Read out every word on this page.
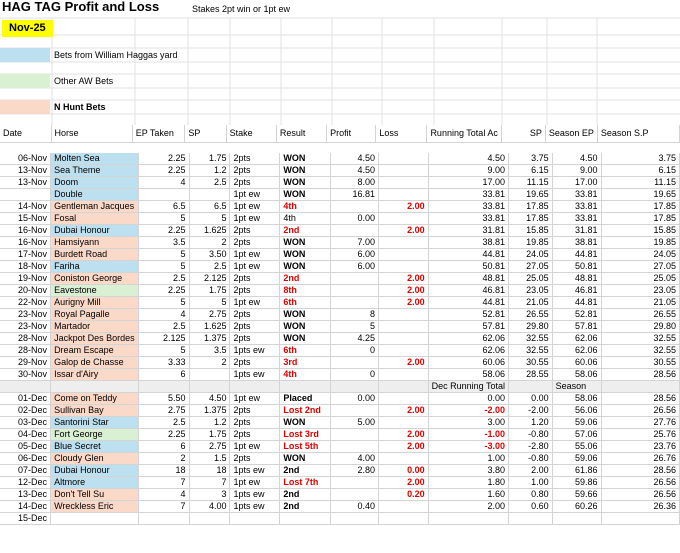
HAG TAG Profit and Loss	Stakes 2pt win or 1pt ew
Nov-25
Bets from William Haggas yard
Other AW Bets
N Hunt Bets
Date	Horse	EP Taken	SP	Stake	Result	Profit	Loss	Running Total Ac	SP	Season EP	Season S.P
06-Nov	Molten Sea	2.25	1.75	2pts	WON	4.50		4.50	3.75	4.50	3.75
13-Nov	Sea Theme	2.25	1.2	2pts	WON	4.50		9.00	6.15	9.00	6.15
13-Nov	Doom	4	2.5	2pts	WON	8.00		17.00	11.15	17.00	11.15
	Double			1pt ew	WON	16.81		33.81	19.65	33.81	19.65
14-Nov	Gentleman Jacques	6.5	6.5	1pt ew	4th		2.00	33.81	17.85	33.81	17.85
15-Nov	Fosal	5	5	1pt ew	4th	0.00		33.81	17.85	33.81	17.85
16-Nov	Dubai Honour	2.25	1.625	2pts	2nd		2.00	31.81	15.85	31.81	15.85
16-Nov	Hamsiyann	3.5	2	2pts	WON	7.00		38.81	19.85	38.81	19.85
17-Nov	Burdett Road	5	3.50	1pt ew	WON	6.00		44.81	24.05	44.81	24.05
18-Nov	Fariha	5	2.5	1pt ew	WON	6.00		50.81	27.05	50.81	27.05
19-Nov	Coniston George	2.5	2.125	2pts	2nd		2.00	48.81	25.05	48.81	25.05
20-Nov	Eavestone	2.25	1.75	2pts	8th		2.00	46.81	23.05	46.81	23.05
22-Nov	Aurigny Mill	5	5	1pt ew	6th		2.00	44.81	21.05	44.81	21.05
23-Nov	Royal Pagalle	4	2.75	2pts	WON	8		52.81	26.55	52.81	26.55
23-Nov	Martador	2.5	1.625	2pts	WON	5		57.81	29.80	57.81	29.80
28-Nov	Jackpot Des Bordes	2.125	1.375	2pts	WON	4.25		62.06	32.55	62.06	32.55
28-Nov	Dream Escape	5	3.5	1pts ew	6th	0		62.06	32.55	62.06	32.55
29-Nov	Galop de Chasse	3.33	2	2pts	3rd		2.00	60.06	30.55	60.06	30.55
30-Nov	Issar d'Airy	6		1pts ew	4th	0		58.06	28.55	58.06	28.56
								Dec Running Total		Season	
01-Dec	Come on Teddy	5.50	4.50	1pt ew	Placed	0.00		0.00	0.00	58.06	28.56
02-Dec	Sullivan Bay	2.75	1.375	2pts	Lost 2nd		2.00	-2.00	-2.00	56.06	26.56
03-Dec	Santorini Star	2.5	1.2	2pts	WON	5.00		3.00	1.20	59.06	27.76
04-Dec	Fort George	2.25	1.75	2pts	Lost 3rd		2.00	-1.00	-0.80	57.06	25.76
05-Dec	Blue Secret	6	2.75	1pt ew	Lost 5th		2.00	-3.00	-2.80	55.06	23.76
06-Dec	Cloudy Glen	2	1.5	2pts	WON	4.00		1.00	-0.80	59.06	26.76
07-Dec	Dubai Honour	18	18	1pts ew	2nd	2.80	0.00	3.80	2.00	61.86	28.56
12-Dec	Altmore	7	7	1pt ew	Lost 7th		2.00	1.80	1.00	59.86	26.56
13-Dec	Don't Tell Su	4	3	1pts ew	2nd		0.20	1.60	0.80	59.66	26.56
14-Dec	Wreckless Eric	7	4.00	1pts ew	2nd	0.40		2.00	0.60	60.26	26.36
15-Dec											
